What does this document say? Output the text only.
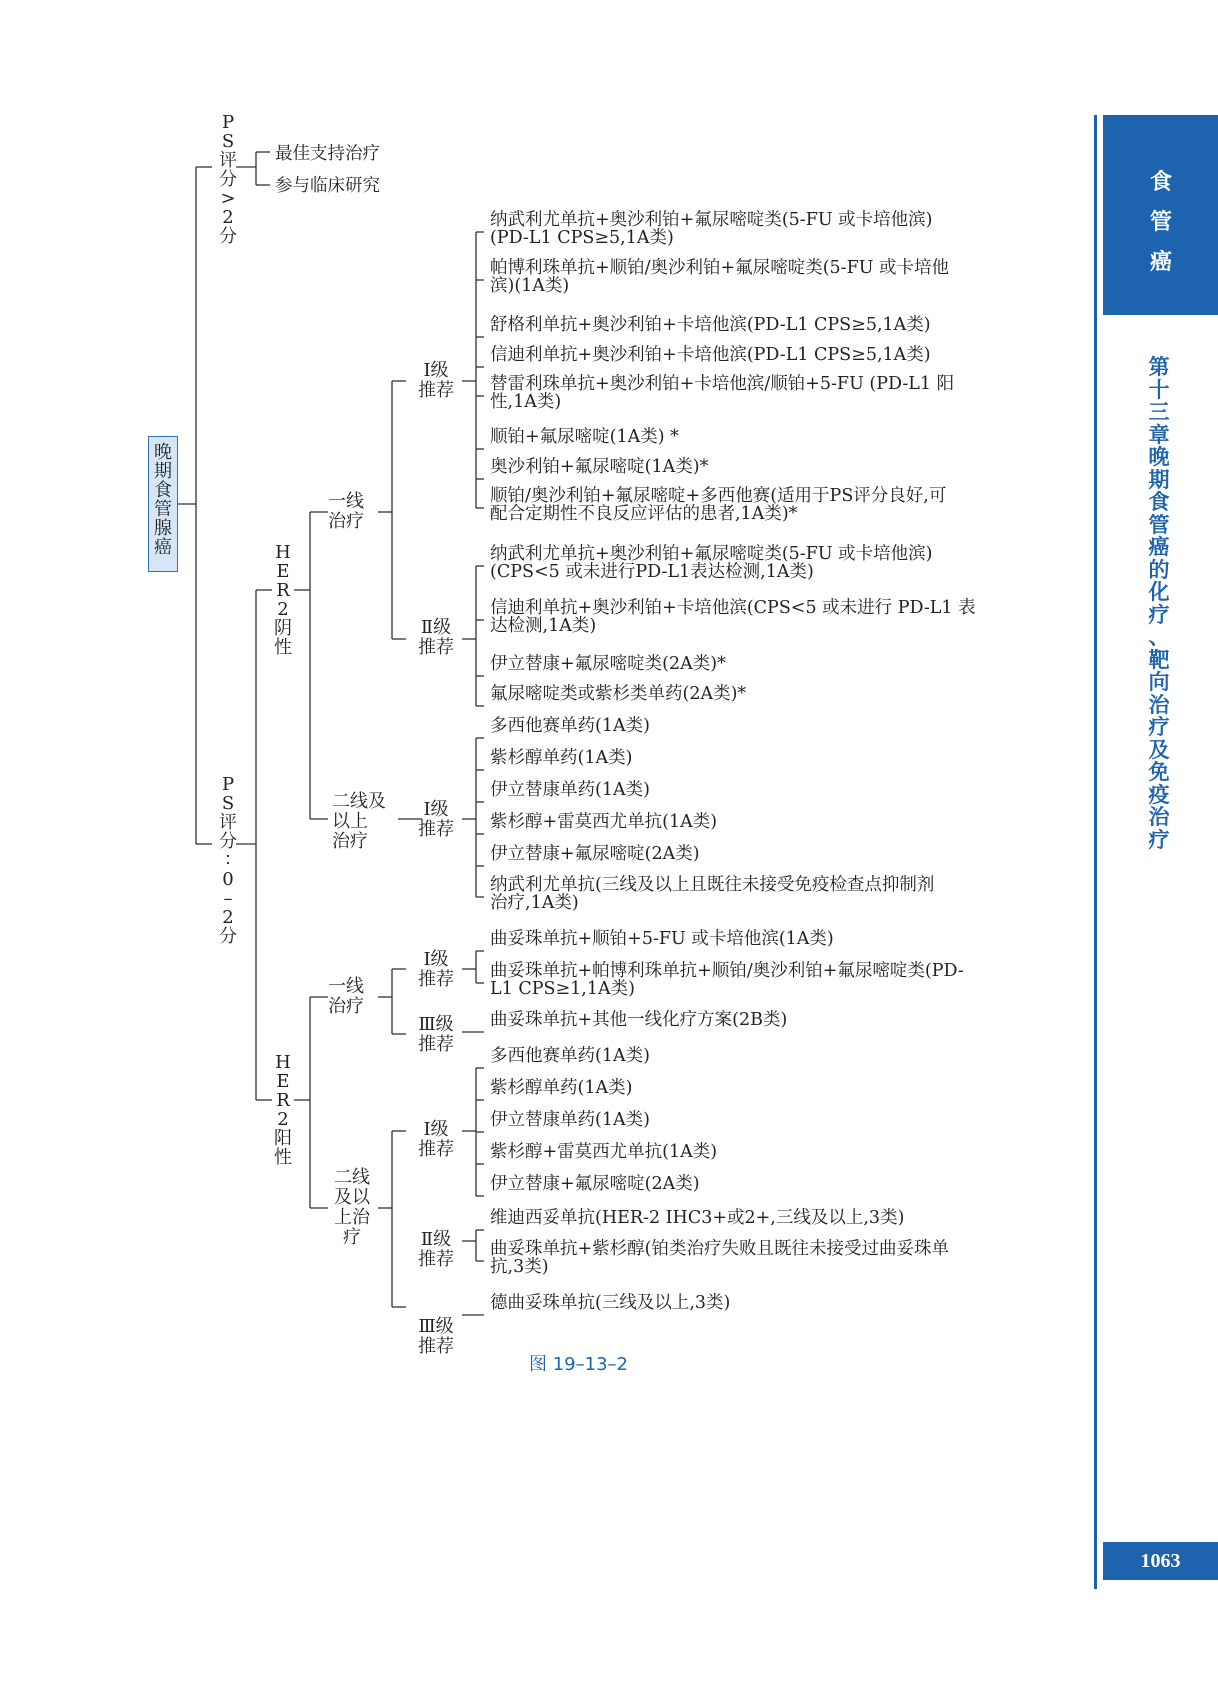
晚
期
食
管
腺
癌
P
S
评
分
>
2
分
P
S
评
分
∶
0
–
2
分
最佳支持治疗
参与临床研究
H
E
R
2
阴
性
H
E
R
2
阳
性
一线
治疗
二线及
以上
治疗
一线
治疗
二线
及以
上治
疗
Ⅰ级
推荐
Ⅱ级
推荐
Ⅰ级
推荐
Ⅰ级
推荐
Ⅲ级
推荐
Ⅰ级
推荐
Ⅱ级
推荐
Ⅲ级
推荐
纳武利尤单抗+奥沙利铂+氟尿嘧啶类(5-FU 或卡培他滨)
(PD-L1 CPS≥5,1A类)
帕博利珠单抗+顺铂/奥沙利铂+氟尿嘧啶类(5-FU 或卡培他
滨)(1A类)
舒格利单抗+奥沙利铂+卡培他滨(PD-L1 CPS≥5,1A类)
信迪利单抗+奥沙利铂+卡培他滨(PD-L1 CPS≥5,1A类)
替雷利珠单抗+奥沙利铂+卡培他滨/顺铂+5-FU (PD-L1 阳
性,1A类)
顺铂+氟尿嘧啶(1A类) *
奥沙利铂+氟尿嘧啶(1A类)*
顺铂/奥沙利铂+氟尿嘧啶+多西他赛(适用于PS评分良好,可
配合定期性不良反应评估的患者,1A类)*
纳武利尤单抗+奥沙利铂+氟尿嘧啶类(5-FU 或卡培他滨)
(CPS<5 或未进行PD-L1表达检测,1A类)
信迪利单抗+奥沙利铂+卡培他滨(CPS<5 或未进行 PD-L1 表
达检测,1A类)
伊立替康+氟尿嘧啶类(2A类)*
氟尿嘧啶类或紫杉类单药(2A类)*
多西他赛单药(1A类)
紫杉醇单药(1A类)
伊立替康单药(1A类)
紫杉醇+雷莫西尤单抗(1A类)
伊立替康+氟尿嘧啶(2A类)
纳武利尤单抗(三线及以上且既往未接受免疫检查点抑制剂
治疗,1A类)
曲妥珠单抗+顺铂+5-FU 或卡培他滨(1A类)
曲妥珠单抗+帕博利珠单抗+顺铂/奥沙利铂+氟尿嘧啶类(PD-
L1 CPS≥1,1A类)
曲妥珠单抗+其他一线化疗方案(2B类)
多西他赛单药(1A类)
紫杉醇单药(1A类)
伊立替康单药(1A类)
紫杉醇+雷莫西尤单抗(1A类)
伊立替康+氟尿嘧啶(2A类)
维迪西妥单抗(HER-2 IHC3+或2+,三线及以上,3类)
曲妥珠单抗+紫杉醇(铂类治疗失败且既往未接受过曲妥珠单
抗,3类)
德曲妥珠单抗(三线及以上,3类)
图 19–13–2
食
管
癌
第
十
三
章
晚
期
食
管
癌
的
化
疗
、
靶
向
治
疗
及
免
疫
治
疗
1063
